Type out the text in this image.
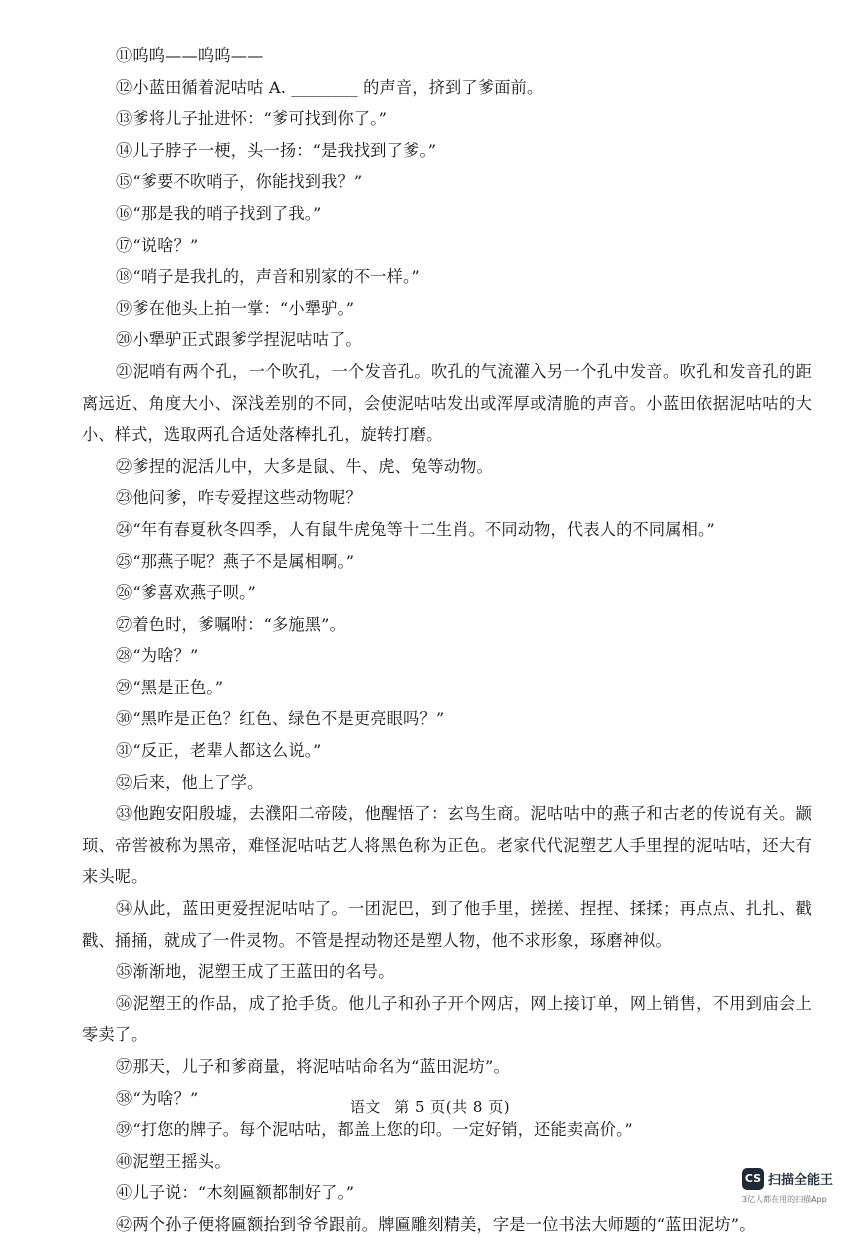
⑪呜呜——呜呜——

⑫小蓝田循着泥咕咕 A. ________ 的声音，挤到了爹面前。

⑬爹将儿子扯进怀：“爹可找到你了。”

⑭儿子脖子一梗，头一扬：“是我找到了爹。”

⑮“爹要不吹哨子，你能找到我？”

⑯“那是我的哨子找到了我。”

⑰“说啥？”

⑱“哨子是我扎的，声音和别家的不一样。”

⑲爹在他头上拍一掌：“小犟驴。”

⑳小犟驴正式跟爹学捏泥咕咕了。

㉑泥哨有两个孔，一个吹孔，一个发音孔。吹孔的气流灌入另一个孔中发音。吹孔和发音孔的距离远近、角度大小、深浅差别的不同，会使泥咕咕发出或浑厚或清脆的声音。小蓝田依据泥咕咕的大小、样式，选取两孔合适处落棒扎孔，旋转打磨。

㉒爹捏的泥活儿中，大多是鼠、牛、虎、兔等动物。

㉓他问爹，咋专爱捏这些动物呢？

㉔“年有春夏秋冬四季，人有鼠牛虎兔等十二生肖。不同动物，代表人的不同属相。”

㉕“那燕子呢？燕子不是属相啊。”

㉖“爹喜欢燕子呗。”

㉗着色时，爹嘱咐：“多施黑”。

㉘“为啥？”

㉙“黑是正色。”

㉚“黑咋是正色？红色、绿色不是更亮眼吗？”

㉛“反正，老辈人都这么说。”

㉜后来，他上了学。

㉝他跑安阳殷墟，去濮阳二帝陵，他醒悟了：玄鸟生商。泥咕咕中的燕子和古老的传说有关。颛顼、帝喾被称为黑帝，难怪泥咕咕艺人将黑色称为正色。老家代代泥塑艺人手里捏的泥咕咕，还大有来头呢。

㉞从此，蓝田更爱捏泥咕咕了。一团泥巴，到了他手里，搓搓、捏捏、揉揉；再点点、扎扎、戳戳、捅捅，就成了一件灵物。不管是捏动物还是塑人物，他不求形象，琢磨神似。

㉟渐渐地，泥塑王成了王蓝田的名号。

㊱泥塑王的作品，成了抢手货。他儿子和孙子开个网店，网上接订单，网上销售，不用到庙会上零卖了。

㊲那天，儿子和爹商量，将泥咕咕命名为“蓝田泥坊”。

㊳“为啥？”

㊴“打您的牌子。每个泥咕咕，都盖上您的印。一定好销，还能卖高价。”

㊵泥塑王摇头。

㊶儿子说：“木刻匾额都制好了。”

㊷两个孙子便将匾额抬到爷爷跟前。牌匾雕刻精美，字是一位书法大师题的“蓝田泥坊”。

语文 第 5 页(共 8 页)
CS 扫描全能王
3亿人都在用的扫描App
